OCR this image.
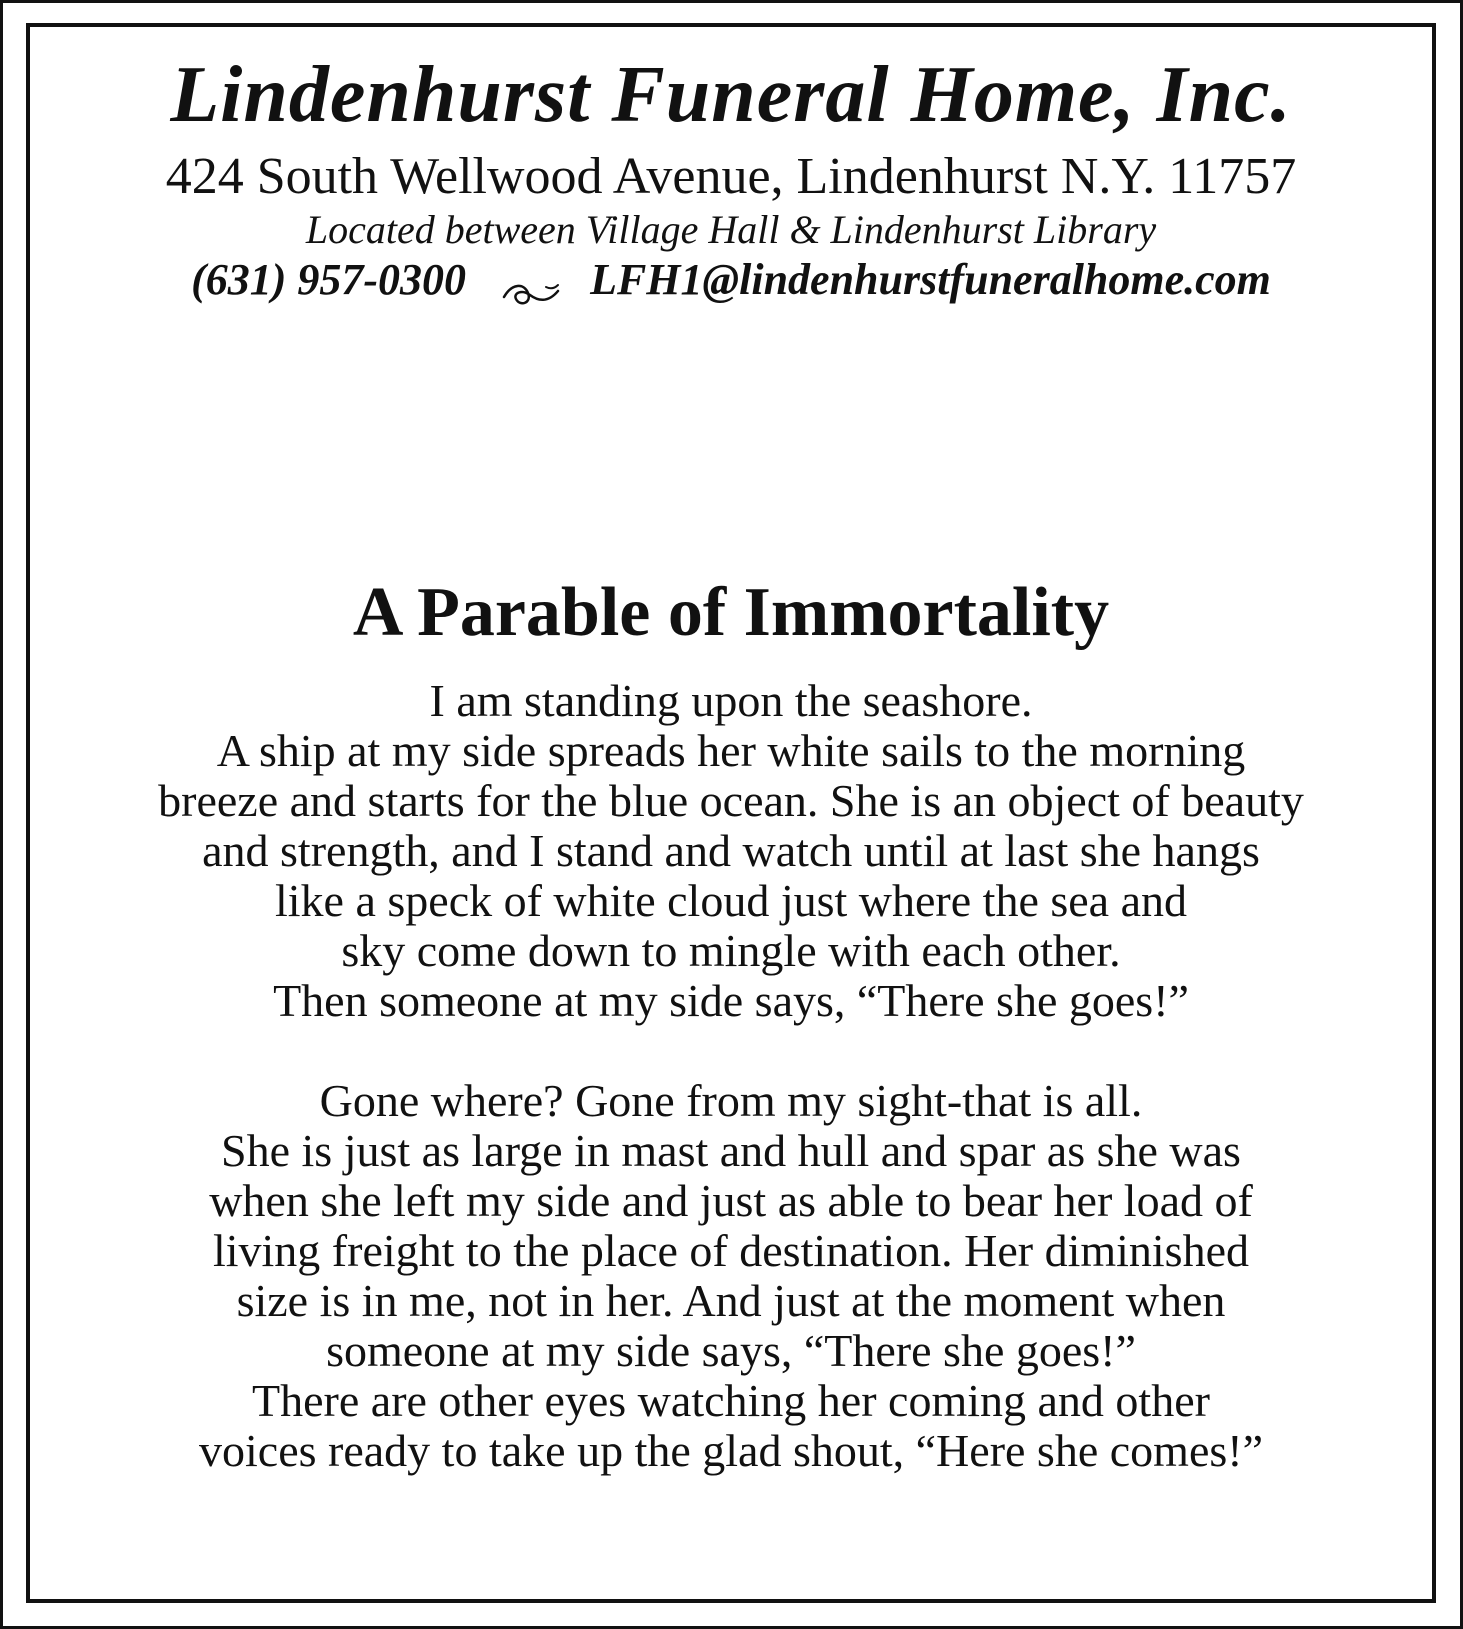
Lindenhurst Funeral Home, Inc.

424 South Wellwood Avenue, Lindenhurst N.Y. 11757

Located between Village Hall & Lindenhurst Library

(631) 957-0300	LFH1@lindenhurstfuneralhome.com

A Parable of Immortality
I am standing upon the seashore.
A ship at my side spreads her white sails to the morning
breeze and starts for the blue ocean. She is an object of beauty
and strength, and I stand and watch until at last she hangs
like a speck of white cloud just where the sea and
sky come down to mingle with each other.
Then someone at my side says, “There she goes!”
Gone where? Gone from my sight-that is all.
She is just as large in mast and hull and spar as she was
when she left my side and just as able to bear her load of
living freight to the place of destination. Her diminished
size is in me, not in her. And just at the moment when
someone at my side says, “There she goes!”
There are other eyes watching her coming and other
voices ready to take up the glad shout, “Here she comes!”
